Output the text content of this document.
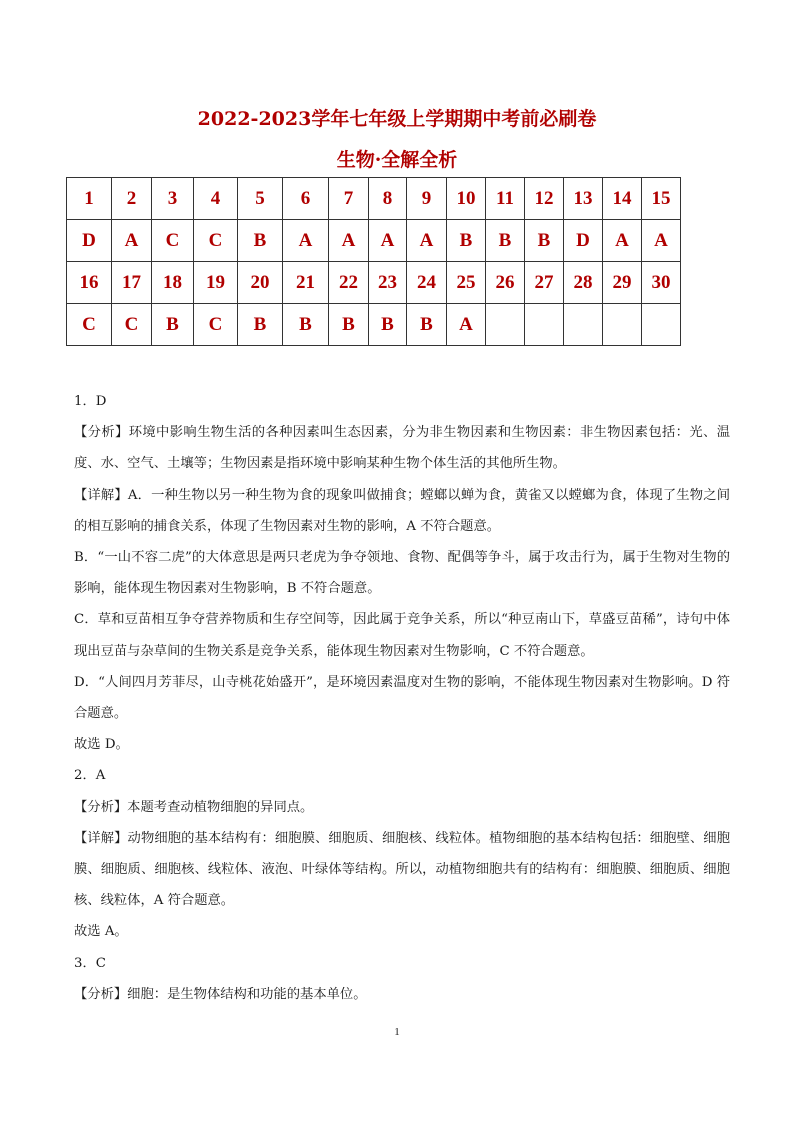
2022-2023学年七年级上学期期中考前必刷卷
生物·全解全析
1	2	3	4	5	6	7	8	9	10	11	12	13	14	15
D	A	C	C	B	A	A	A	A	B	B	B	D	A	A
16	17	18	19	20	21	22	23	24	25	26	27	28	29	30
C	C	B	C	B	B	B	B	B	A					

1．D

【分析】环境中影响生物生活的各种因素叫生态因素，分为非生物因素和生物因素：非生物因素包括：光、温度、水、空气、土壤等；生物因素是指环境中影响某种生物个体生活的其他所生物。

【详解】A．一种生物以另一种生物为食的现象叫做捕食；螳螂以蝉为食，黄雀又以螳螂为食，体现了生物之间的相互影响的捕食关系，体现了生物因素对生物的影响，A 不符合题意。

B．“一山不容二虎”的大体意思是两只老虎为争夺领地、食物、配偶等争斗，属于攻击行为，属于生物对生物的影响，能体现生物因素对生物影响，B 不符合题意。

C．草和豆苗相互争夺营养物质和生存空间等，因此属于竞争关系，所以“种豆南山下，草盛豆苗稀”，诗句中体现出豆苗与杂草间的生物关系是竞争关系，能体现生物因素对生物影响，C 不符合题意。

D．“人间四月芳菲尽，山寺桃花始盛开”，是环境因素温度对生物的影响，不能体现生物因素对生物影响。D 符合题意。

故选 D。

2．A

【分析】本题考查动植物细胞的异同点。

【详解】动物细胞的基本结构有：细胞膜、细胞质、细胞核、线粒体。植物细胞的基本结构包括：细胞壁、细胞膜、细胞质、细胞核、线粒体、液泡、叶绿体等结构。所以，动植物细胞共有的结构有：细胞膜、细胞质、细胞核、线粒体，A 符合题意。

故选 A。

3．C

【分析】细胞：是生物体结构和功能的基本单位。

1
